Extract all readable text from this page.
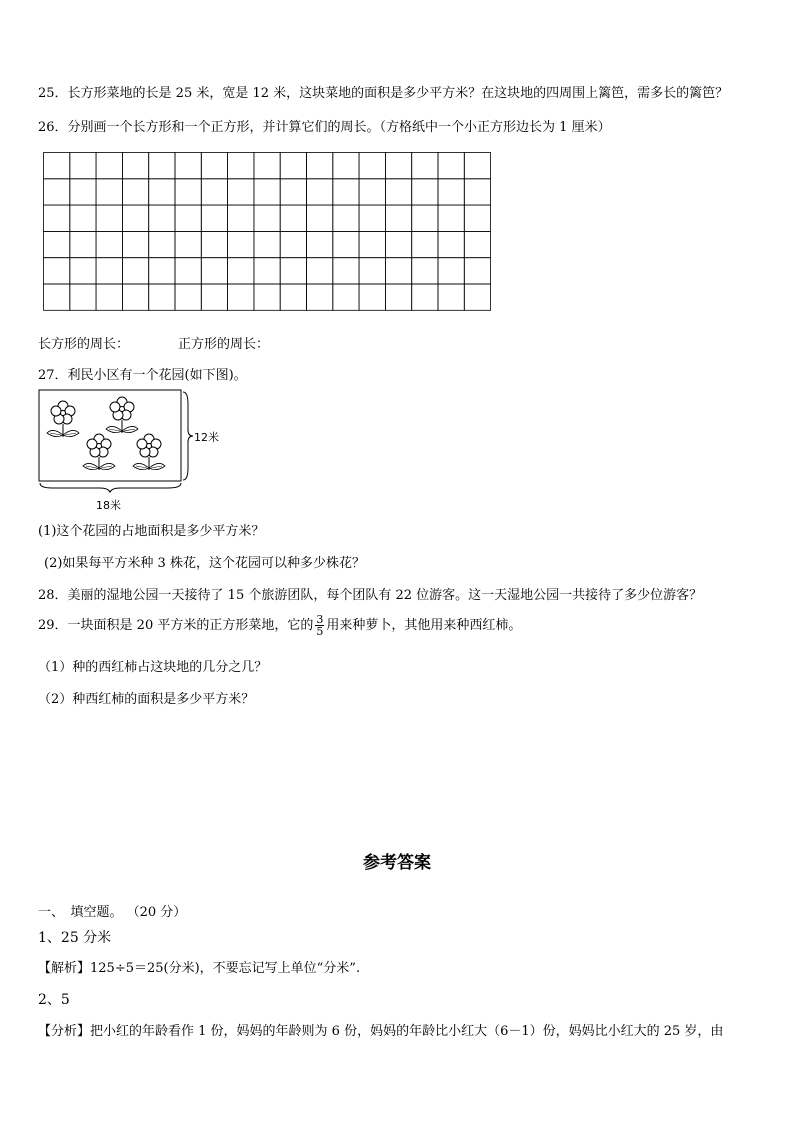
25．长方形菜地的长是 25 米，宽是 12 米，这块菜地的面积是多少平方米？在这块地的四周围上篱笆，需多长的篱笆？
26．分别画一个长方形和一个正方形，并计算它们的周长。（方格纸中一个小正方形边长为 1 厘米）
长方形的周长：	正方形的周长：
27．利民小区有一个花园(如下图)。
12米
18米
(1)这个花园的占地面积是多少平方米？
(2)如果每平方米种 3 株花，这个花园可以种多少株花？
28．美丽的湿地公园一天接待了 15 个旅游团队，每个团队有 22 位游客。这一天湿地公园一共接待了多少位游客？
29．一块面积是 20 平方米的正方形菜地，它的 $\frac{3}{5}$ 用来种萝卜，其他用来种西红柿。
（1）种的西红柿占这块地的几分之几？
（2）种西红柿的面积是多少平方米？
参考答案
一、　填空题。 （20 分）
1、25 分米
【解析】125÷5＝25(分米)，不要忘记写上单位“分米”.
2、5
【分析】把小红的年龄看作 1 份，妈妈的年龄则为 6 份，妈妈的年龄比小红大（6－1）份，妈妈比小红大的 25 岁，由
